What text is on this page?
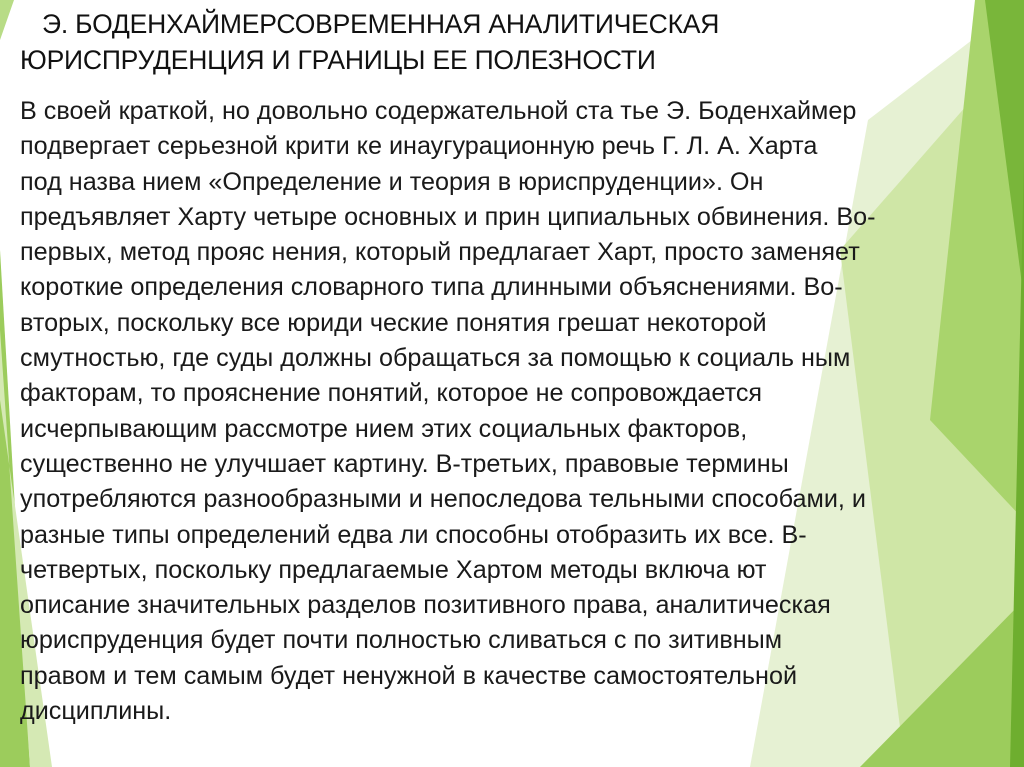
Э. БОДЕНХАЙМЕРСОВРЕМЕННАЯ АНАЛИТИЧЕСКАЯ
ЮРИСПРУДЕНЦИЯ И ГРАНИЦЫ ЕЕ ПОЛЕЗНОСТИ

В своей краткой, но довольно содержательной ста тье Э. Боденхаймер
подвергает серьезной крити ке инаугурационную речь Г. Л. А. Харта
под назва нием «Определение и теория в юриспруденции». Он
предъявляет Харту четыре основных и прин ципиальных обвинения. Во-
первых, метод прояс нения, который предлагает Харт, просто заменяет
короткие определения словарного типа длинными объяснениями. Во-
вторых, поскольку все юриди ческие понятия грешат некоторой
смутностью, где суды должны обращаться за помощью к социаль ным
факторам, то прояснение понятий, которое не сопровождается
исчерпывающим рассмотре нием этих социальных факторов,
существенно не улучшает картину. В-третьих, правовые термины
употребляются разнообразными и непоследова тельными способами, и
разные типы определений едва ли способны отобразить их все. В-
четвертых, поскольку предлагаемые Хартом методы включа ют
описание значительных разделов позитивного права, аналитическая
юриспруденция будет почти полностью сливаться с по зитивным
правом и тем самым будет ненужной в качестве самостоятельной
дисциплины.
